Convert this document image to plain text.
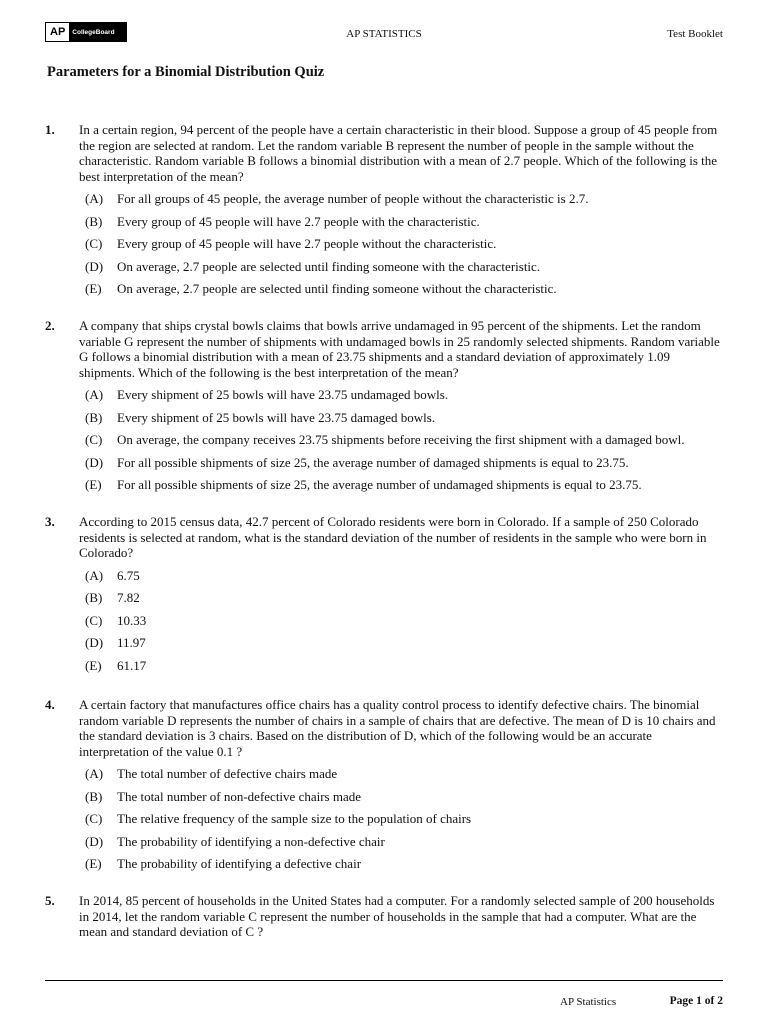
AP	CollegeBoard	AP STATISTICS	Test Booklet
Parameters for a Binomial Distribution Quiz
1. In a certain region, 94 percent of the people have a certain characteristic in their blood. Suppose a group of 45 people from the region are selected at random. Let the random variable B represent the number of people in the sample without the characteristic. Random variable B follows a binomial distribution with a mean of 2.7 people. Which of the following is the best interpretation of the mean?
(A)	For all groups of 45 people, the average number of people without the characteristic is 2.7.
(B)	Every group of 45 people will have 2.7 people with the characteristic.
(C)	Every group of 45 people will have 2.7 people without the characteristic.
(D)	On average, 2.7 people are selected until finding someone with the characteristic.
(E)	On average, 2.7 people are selected until finding someone without the characteristic.
2. A company that ships crystal bowls claims that bowls arrive undamaged in 95 percent of the shipments. Let the random variable G represent the number of shipments with undamaged bowls in 25 randomly selected shipments. Random variable G follows a binomial distribution with a mean of 23.75 shipments and a standard deviation of approximately 1.09 shipments. Which of the following is the best interpretation of the mean?
(A)	Every shipment of 25 bowls will have 23.75 undamaged bowls.
(B)	Every shipment of 25 bowls will have 23.75 damaged bowls.
(C)	On average, the company receives 23.75 shipments before receiving the first shipment with a damaged bowl.
(D)	For all possible shipments of size 25, the average number of damaged shipments is equal to 23.75.
(E)	For all possible shipments of size 25, the average number of undamaged shipments is equal to 23.75.
3. According to 2015 census data, 42.7 percent of Colorado residents were born in Colorado. If a sample of 250 Colorado residents is selected at random, what is the standard deviation of the number of residents in the sample who were born in Colorado?
(A)	6.75
(B)	7.82
(C)	10.33
(D)	11.97
(E)	61.17
4. A certain factory that manufactures office chairs has a quality control process to identify defective chairs. The binomial random variable D represents the number of chairs in a sample of chairs that are defective. The mean of D is 10 chairs and the standard deviation is 3 chairs. Based on the distribution of D, which of the following would be an accurate interpretation of the value 0.1 ?
(A)	The total number of defective chairs made
(B)	The total number of non-defective chairs made
(C)	The relative frequency of the sample size to the population of chairs
(D)	The probability of identifying a non-defective chair
(E)	The probability of identifying a defective chair
5. In 2014, 85 percent of households in the United States had a computer. For a randomly selected sample of 200 households in 2014, let the random variable C represent the number of households in the sample that had a computer. What are the mean and standard deviation of C ?
AP Statistics	Page 1 of 2
